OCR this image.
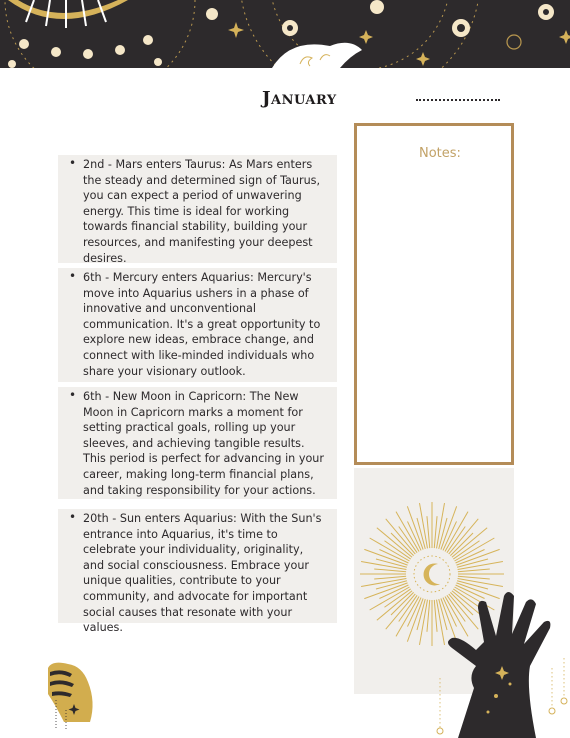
January
• 2nd - Mars enters Taurus: As Mars enters the steady and determined sign of Taurus, you can expect a period of unwavering energy. This time is ideal for working towards financial stability, building your resources, and manifesting your deepest desires.
• 6th - Mercury enters Aquarius: Mercury's move into Aquarius ushers in a phase of innovative and unconventional communication. It's a great opportunity to explore new ideas, embrace change, and connect with like-minded individuals who share your visionary outlook.
• 6th - New Moon in Capricorn: The New Moon in Capricorn marks a moment for setting practical goals, rolling up your sleeves, and achieving tangible results. This period is perfect for advancing in your career, making long-term financial plans, and taking responsibility for your actions.
• 20th - Sun enters Aquarius: With the Sun's entrance into Aquarius, it's time to celebrate your individuality, originality, and social consciousness. Embrace your unique qualities, contribute to your community, and advocate for important social causes that resonate with your values.
Notes:
